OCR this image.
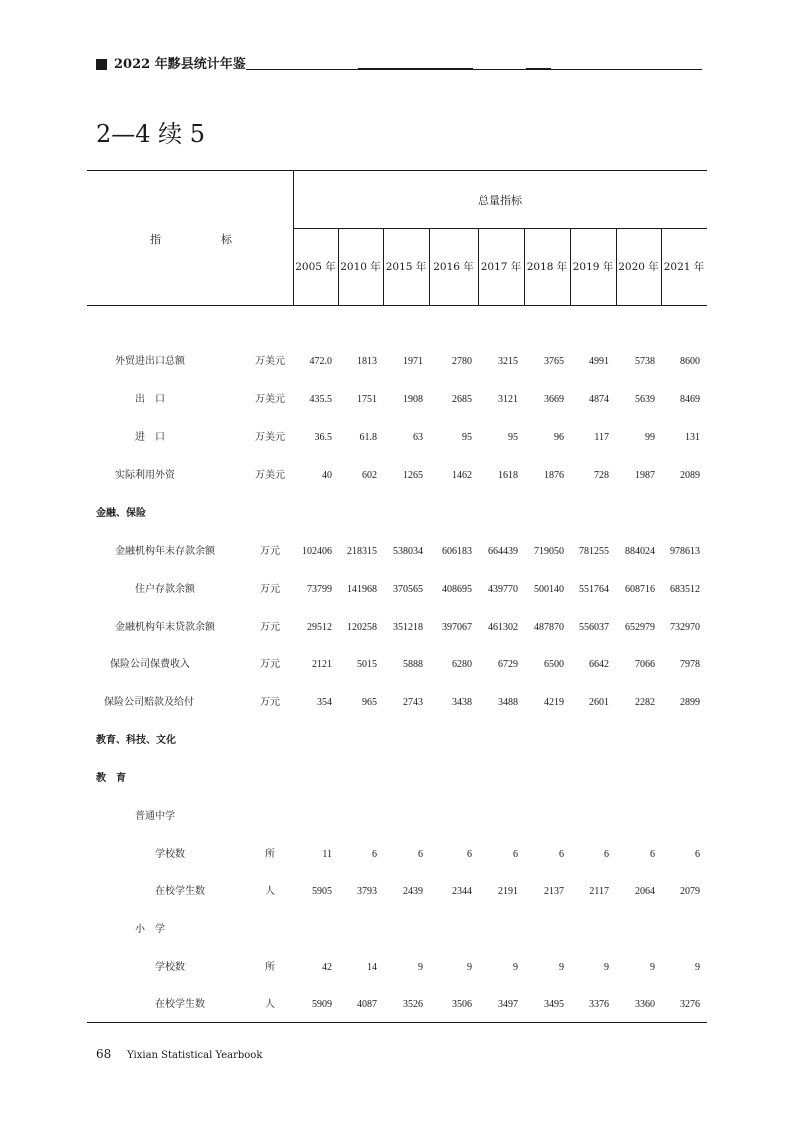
2022 年黟县统计年鉴
2—4 续 5
指	标
总量指标
2005 年 2010 年 2015 年 2016 年 2017 年 2018 年 2019 年 2020 年 2021 年
外贸进出口总额	万美元	472.0	1813	1971	2780	3215	3765	4991	5738	8600
出　口	万美元	435.5	1751	1908	2685	3121	3669	4874	5639	8469
进　口	万美元	36.5	61.8	63	95	95	96	117	99	131
实际利用外资	万美元	40	602	1265	1462	1618	1876	728	1987	2089
金融、保险
金融机构年末存款余额	万元	102406	218315	538034	606183	664439	719050	781255	884024	978613
住户存款余额	万元	73799	141968	370565	408695	439770	500140	551764	608716	683512
金融机构年末贷款余额	万元	29512	120258	351218	397067	461302	487870	556037	652979	732970
保险公司保费收入	万元	2121	5015	5888	6280	6729	6500	6642	7066	7978
保险公司赔款及给付	万元	354	965	2743	3438	3488	4219	2601	2282	2899
教育、科技、文化
教　育
普通中学
学校数	所	11	6	6	6	6	6	6	6	6
在校学生数	人	5905	3793	2439	2344	2191	2137	2117	2064	2079
小　学
学校数	所	42	14	9	9	9	9	9	9	9
在校学生数	人	5909	4087	3526	3506	3497	3495	3376	3360	3276
68 Yixian Statistical Yearbook
